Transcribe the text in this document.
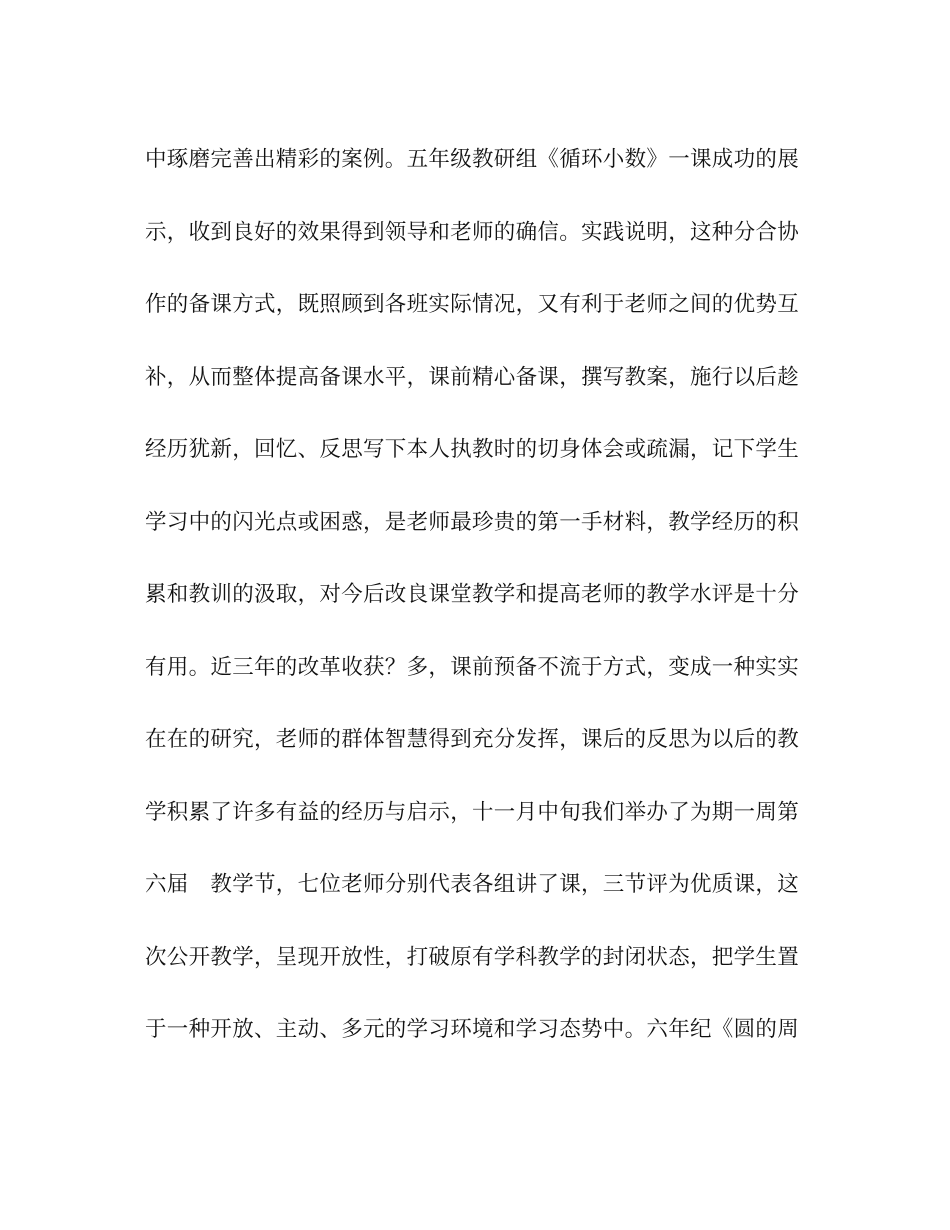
中琢磨完善出精彩的案例。五年级教研组《循环小数》一课成功的展
示，收到良好的效果得到领导和老师的确信。实践说明，这种分合协
作的备课方式，既照顾到各班实际情况，又有利于老师之间的优势互
补，从而整体提高备课水平，课前精心备课，撰写教案，施行以后趁
经历犹新，回忆、反思写下本人执教时的切身体会或疏漏，记下学生
学习中的闪光点或困惑，是老师最珍贵的第一手材料，教学经历的积
累和教训的汲取，对今后改良课堂教学和提高老师的教学水评是十分
有用。近三年的改革收获？多，课前预备不流于方式，变成一种实实
在在的研究，老师的群体智慧得到充分发挥，课后的反思为以后的教
学积累了许多有益的经历与启示，十一月中旬我们举办了为期一周第
六届　教学节，七位老师分别代表各组讲了课，三节评为优质课，这
次公开教学，呈现开放性，打破原有学科教学的封闭状态，把学生置
于一种开放、主动、多元的学习环境和学习态势中。六年纪《圆的周
